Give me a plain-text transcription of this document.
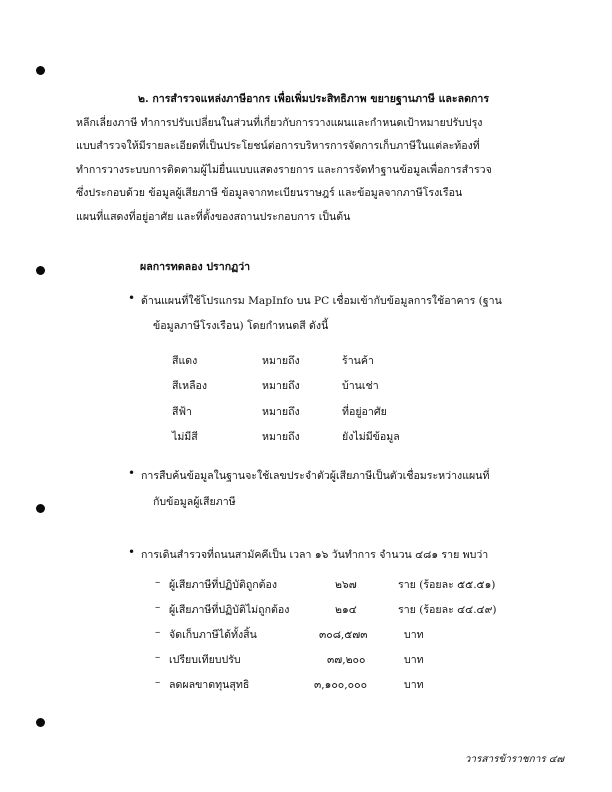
๒. การสำรวจแหล่งภาษีอากร เพื่อเพิ่มประสิทธิภาพ ขยายฐานภาษี และลดการ
หลีกเลี่ยงภาษี ทำการปรับเปลี่ยนในส่วนที่เกี่ยวกับการวางแผนและกำหนดเป้าหมายปรับปรุง
แบบสำรวจให้มีรายละเอียดที่เป็นประโยชน์ต่อการบริหารการจัดการเก็บภาษีในแต่ละท้องที่
ทำการวางระบบการติดตามผู้ไม่ยื่นแบบแสดงรายการ และการจัดทำฐานข้อมูลเพื่อการสำรวจ
ซึ่งประกอบด้วย ข้อมูลผู้เสียภาษี ข้อมูลจากทะเบียนราษฎร์ และข้อมูลจากภาษีโรงเรือน
แผนที่แสดงที่อยู่อาศัย และที่ตั้งของสถานประกอบการ เป็นต้น
ผลการทดลอง ปรากฏว่า
• ด้านแผนที่ใช้โปรแกรม MapInfo บน PC เชื่อมเข้ากับข้อมูลการใช้อาคาร (ฐาน
ข้อมูลภาษีโรงเรือน) โดยกำหนดสี ดังนี้
สีแดง	หมายถึง	ร้านค้า
สีเหลือง	หมายถึง	บ้านเช่า
สีฟ้า	หมายถึง	ที่อยู่อาศัย
ไม่มีสี	หมายถึง	ยังไม่มีข้อมูล
• การสืบค้นข้อมูลในฐานจะใช้เลขประจำตัวผู้เสียภาษีเป็นตัวเชื่อมระหว่างแผนที่
กับข้อมูลผู้เสียภาษี
• การเดินสำรวจที่ถนนสามัคคีเป็น เวลา ๑๖ วันทำการ จำนวน ๔๘๑ ราย พบว่า
– ผู้เสียภาษีที่ปฏิบัติถูกต้อง	๒๖๗	ราย (ร้อยละ ๕๕.๕๑)
– ผู้เสียภาษีที่ปฏิบัติไม่ถูกต้อง	๒๑๔	ราย (ร้อยละ ๔๔.๔๙)
– จัดเก็บภาษีได้ทั้งสิ้น	๓๐๘,๕๗๓	บาท
– เปรียบเทียบปรับ	๓๗,๒๐๐	บาท
– ลดผลขาดทุนสุทธิ	๓,๑๐๐,๐๐๐	บาท
วารสารข้าราชการ ๔๗
